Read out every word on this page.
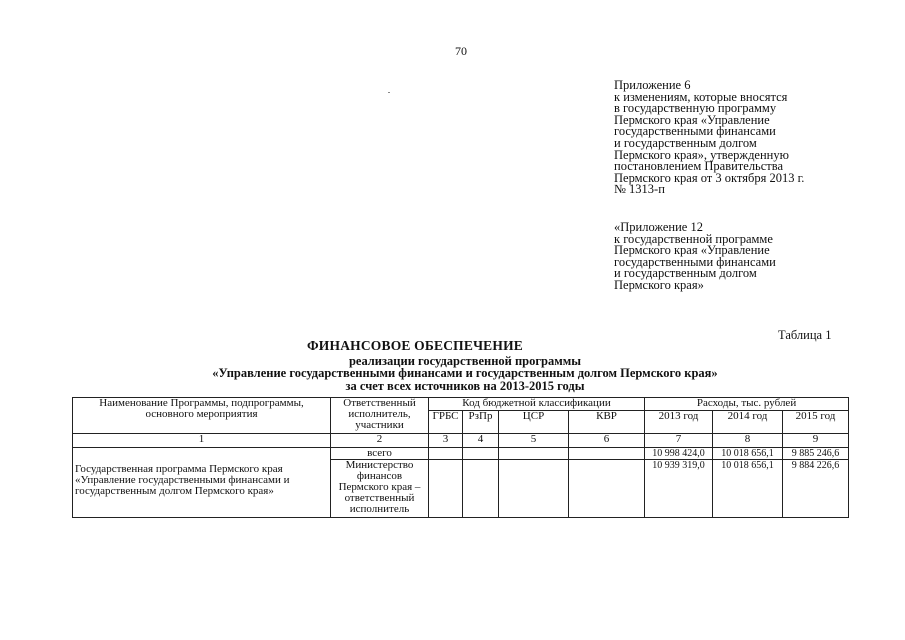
70
Приложение 6
к изменениям, которые вносятся
в государственную программу
Пермского края «Управление
государственными финансами
и государственным долгом
Пермского края», утвержденную
постановлением Правительства
Пермского края от 3 октября 2013 г.
№ 1313-п
«Приложение 12
к государственной программе
Пермского края «Управление
государственными финансами
и государственным долгом
Пермского края»
Таблица 1
ФИНАНСОВОЕ ОБЕСПЕЧЕНИЕ
реализации государственной программы
«Управление государственными финансами и государственным долгом Пермского края»
за счет всех источников на 2013-2015 годы
Наименование Программы, подпрограммы, основного мероприятия	Ответственный исполнитель, участники	Код бюджетной классификации				Расходы, тыс. рублей		
		ГРБС	РзПр	ЦСР	КВР	2013 год	2014 год	2015 год
1	2	3	4	5	6	7	8	9
Государственная программа Пермского края «Управление государственными финансами и государственным долгом Пермского края»	всего					10 998 424,0	10 018 656,1	9 885 246,6
	Министерство финансов Пермского края – ответственный исполнитель					10 939 319,0	10 018 656,1	9 884 226,6
